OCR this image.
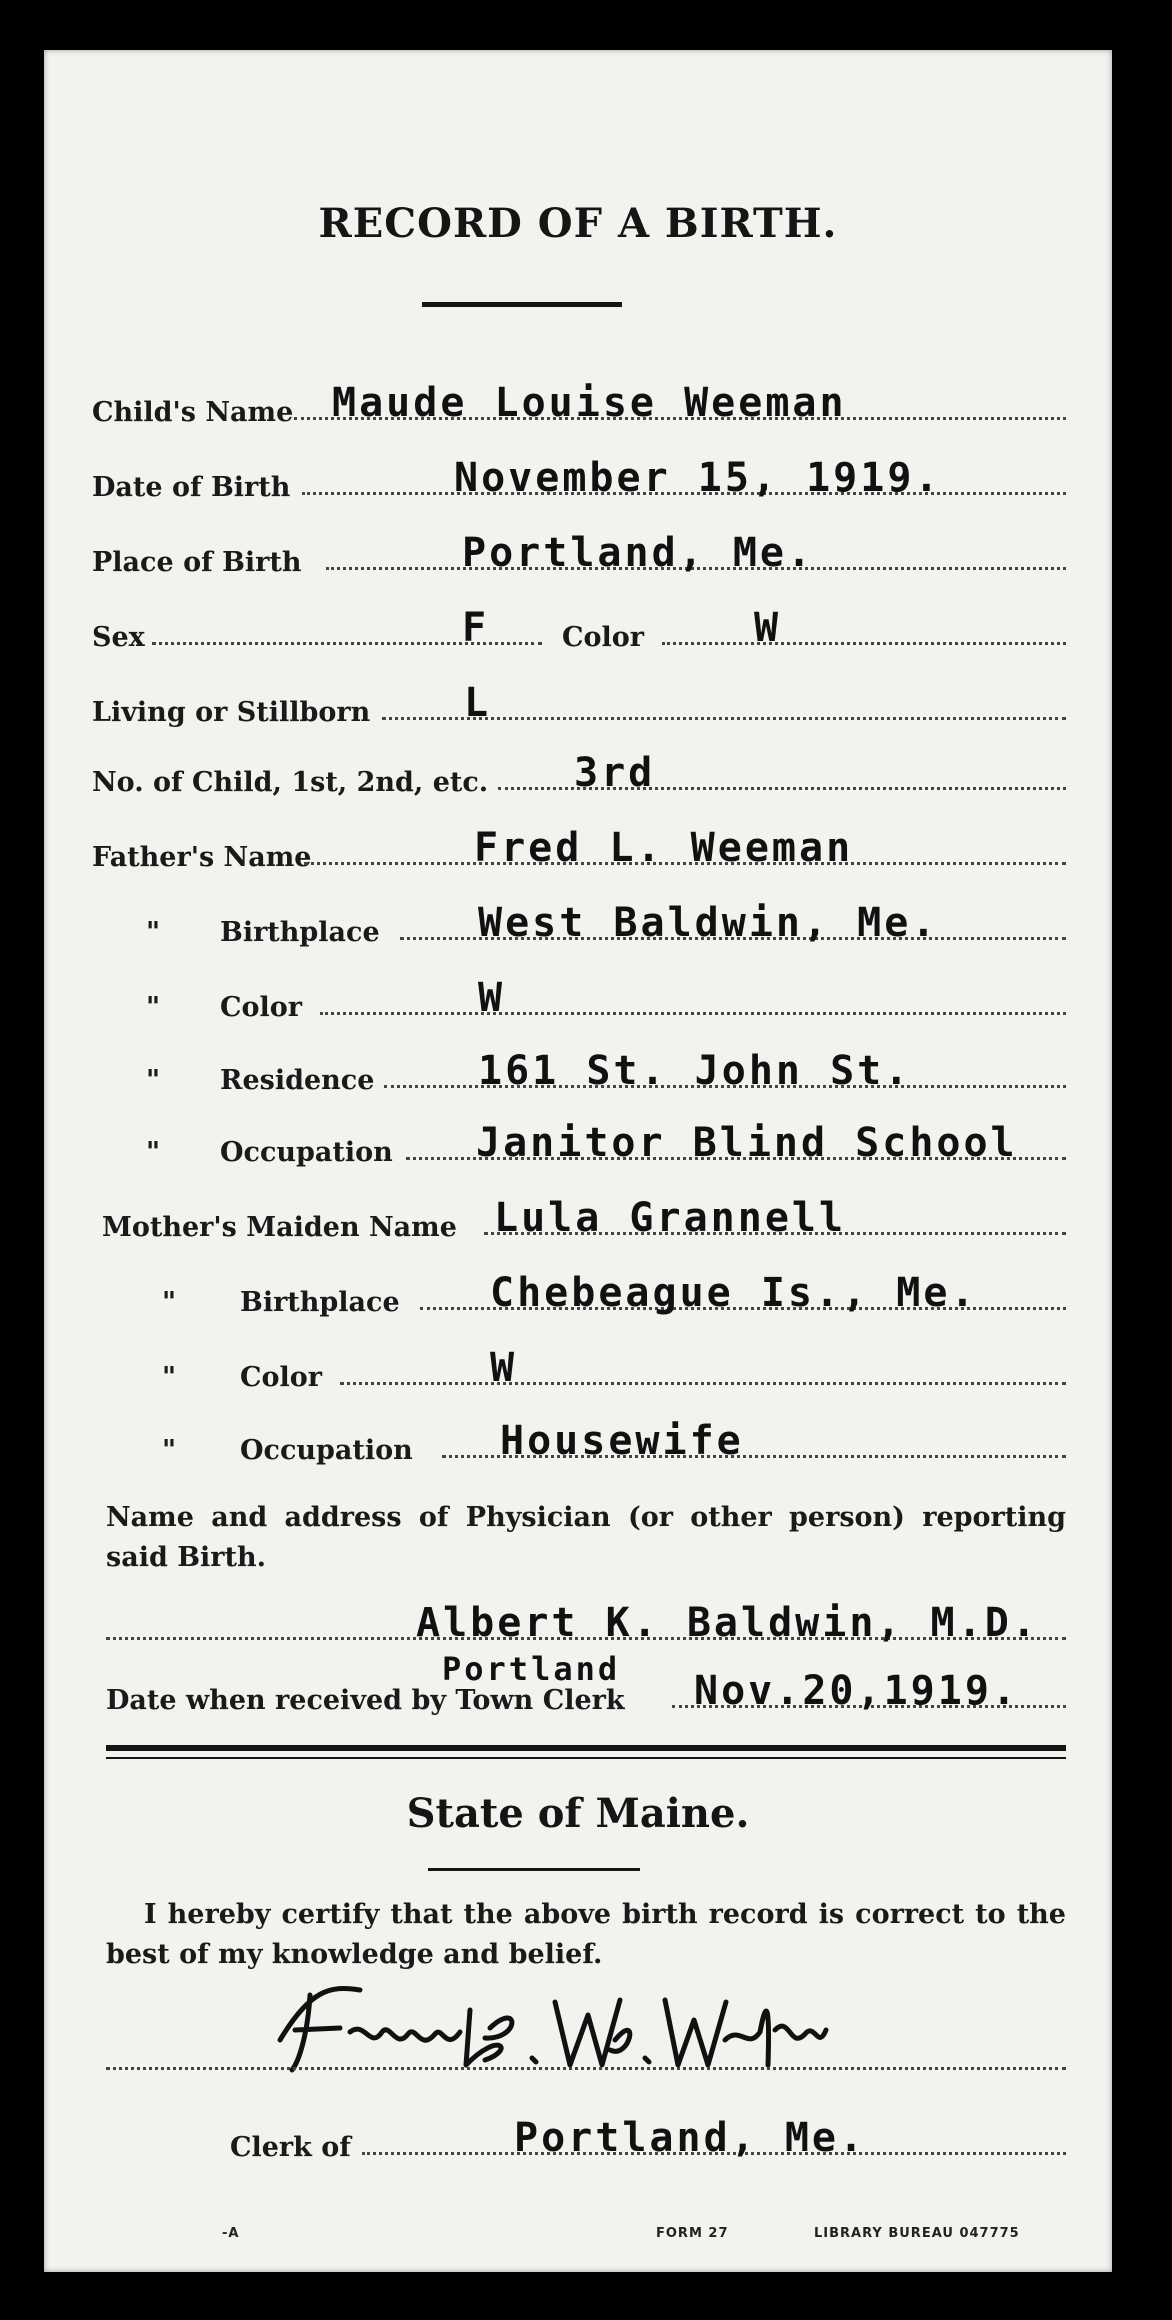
RECORD OF A BIRTH.
Child's Name Maude Louise Weeman
Date of Birth	November 15, 1919.
Place of Birth	Portland, Me.
Sex	F	Color	W
Living or Stillborn L
No. of Child, 1st, 2nd, etc. 3rd
Father's Name	Fred L. Weeman
" Birthplace West Baldwin, Me.
" Color	W
" Residence	161 St. John St.
" Occupation Janitor Blind School
Mother's Maiden Name Lula Grannell
" Birthplace Chebeague Is., Me.
" Color	W
" Occupation Housewife
Name and address of Physician (or other person) reporting said Birth.
Albert K. Baldwin, M.D.
Portland
Date when received by Town Clerk Nov.20,1919.
State of Maine.
I hereby certify that the above birth record is correct to the best of my knowledge and belief.
Clerk of	Portland, Me.
-A	FORM 27	LIBRARY BUREAU 047775
